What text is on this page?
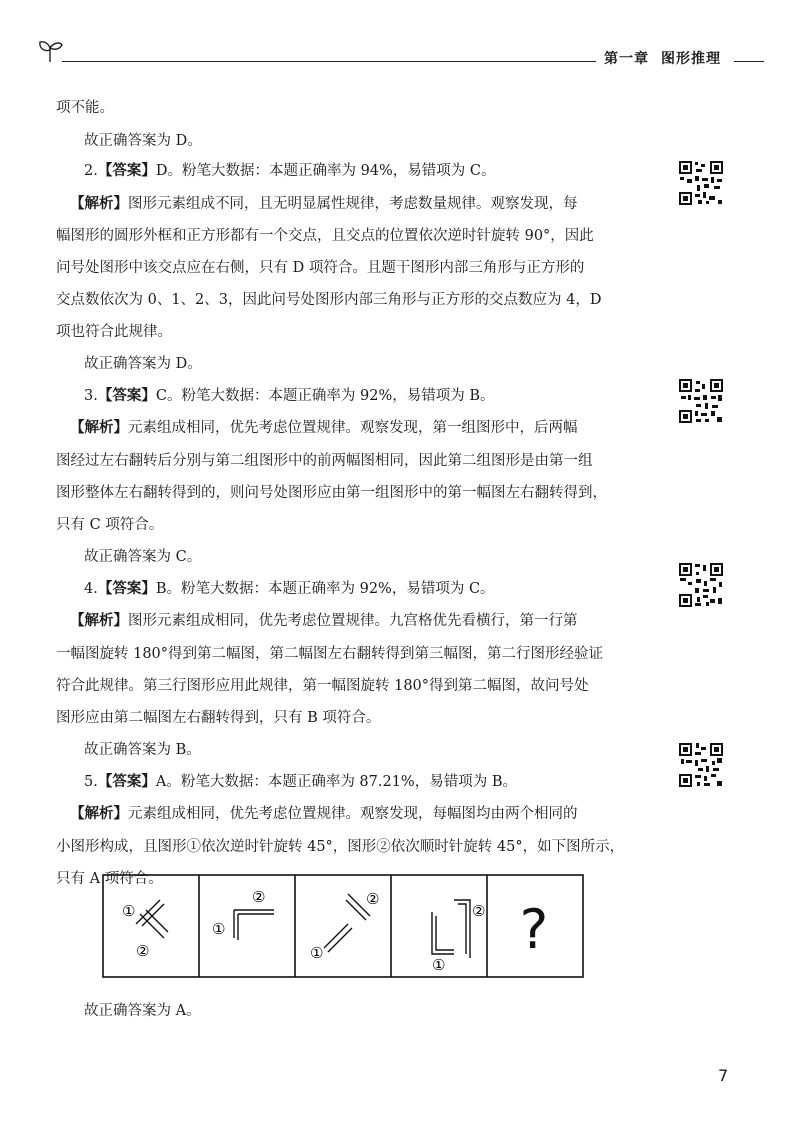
第一章 图形推理
项不能。
故正确答案为 D。
2.【答案】D。粉笔大数据：本题正确率为 94%，易错项为 C。
【解析】图形元素组成不同，且无明显属性规律，考虑数量规律。观察发现，每
幅图形的圆形外框和正方形都有一个交点，且交点的位置依次逆时针旋转 90°，因此
问号处图形中该交点应在右侧，只有 D 项符合。且题干图形内部三角形与正方形的
交点数依次为 0、1、2、3，因此问号处图形内部三角形与正方形的交点数应为 4，D
项也符合此规律。
故正确答案为 D。
3.【答案】C。粉笔大数据：本题正确率为 92%，易错项为 B。
【解析】元素组成相同，优先考虑位置规律。观察发现，第一组图形中，后两幅
图经过左右翻转后分别与第二组图形中的前两幅图相同，因此第二组图形是由第一组
图形整体左右翻转得到的，则问号处图形应由第一组图形中的第一幅图左右翻转得到，
只有 C 项符合。
故正确答案为 C。
4.【答案】B。粉笔大数据：本题正确率为 92%，易错项为 C。
【解析】图形元素组成相同，优先考虑位置规律。九宫格优先看横行，第一行第
一幅图旋转 180°得到第二幅图，第二幅图左右翻转得到第三幅图，第二行图形经验证
符合此规律。第三行图形应用此规律，第一幅图旋转 180°得到第二幅图，故问号处
图形应由第二幅图左右翻转得到，只有 B 项符合。
故正确答案为 B。
5.【答案】A。粉笔大数据：本题正确率为 87.21%，易错项为 B。
【解析】元素组成相同，优先考虑位置规律。观察发现，每幅图均由两个相同的
小图形构成，且图形①依次逆时针旋转 45°，图形②依次顺时针旋转 45°，如下图所示，
只有 A 项符合。
①
②
②
①
②
①
②
①
?
故正确答案为 A。
7
